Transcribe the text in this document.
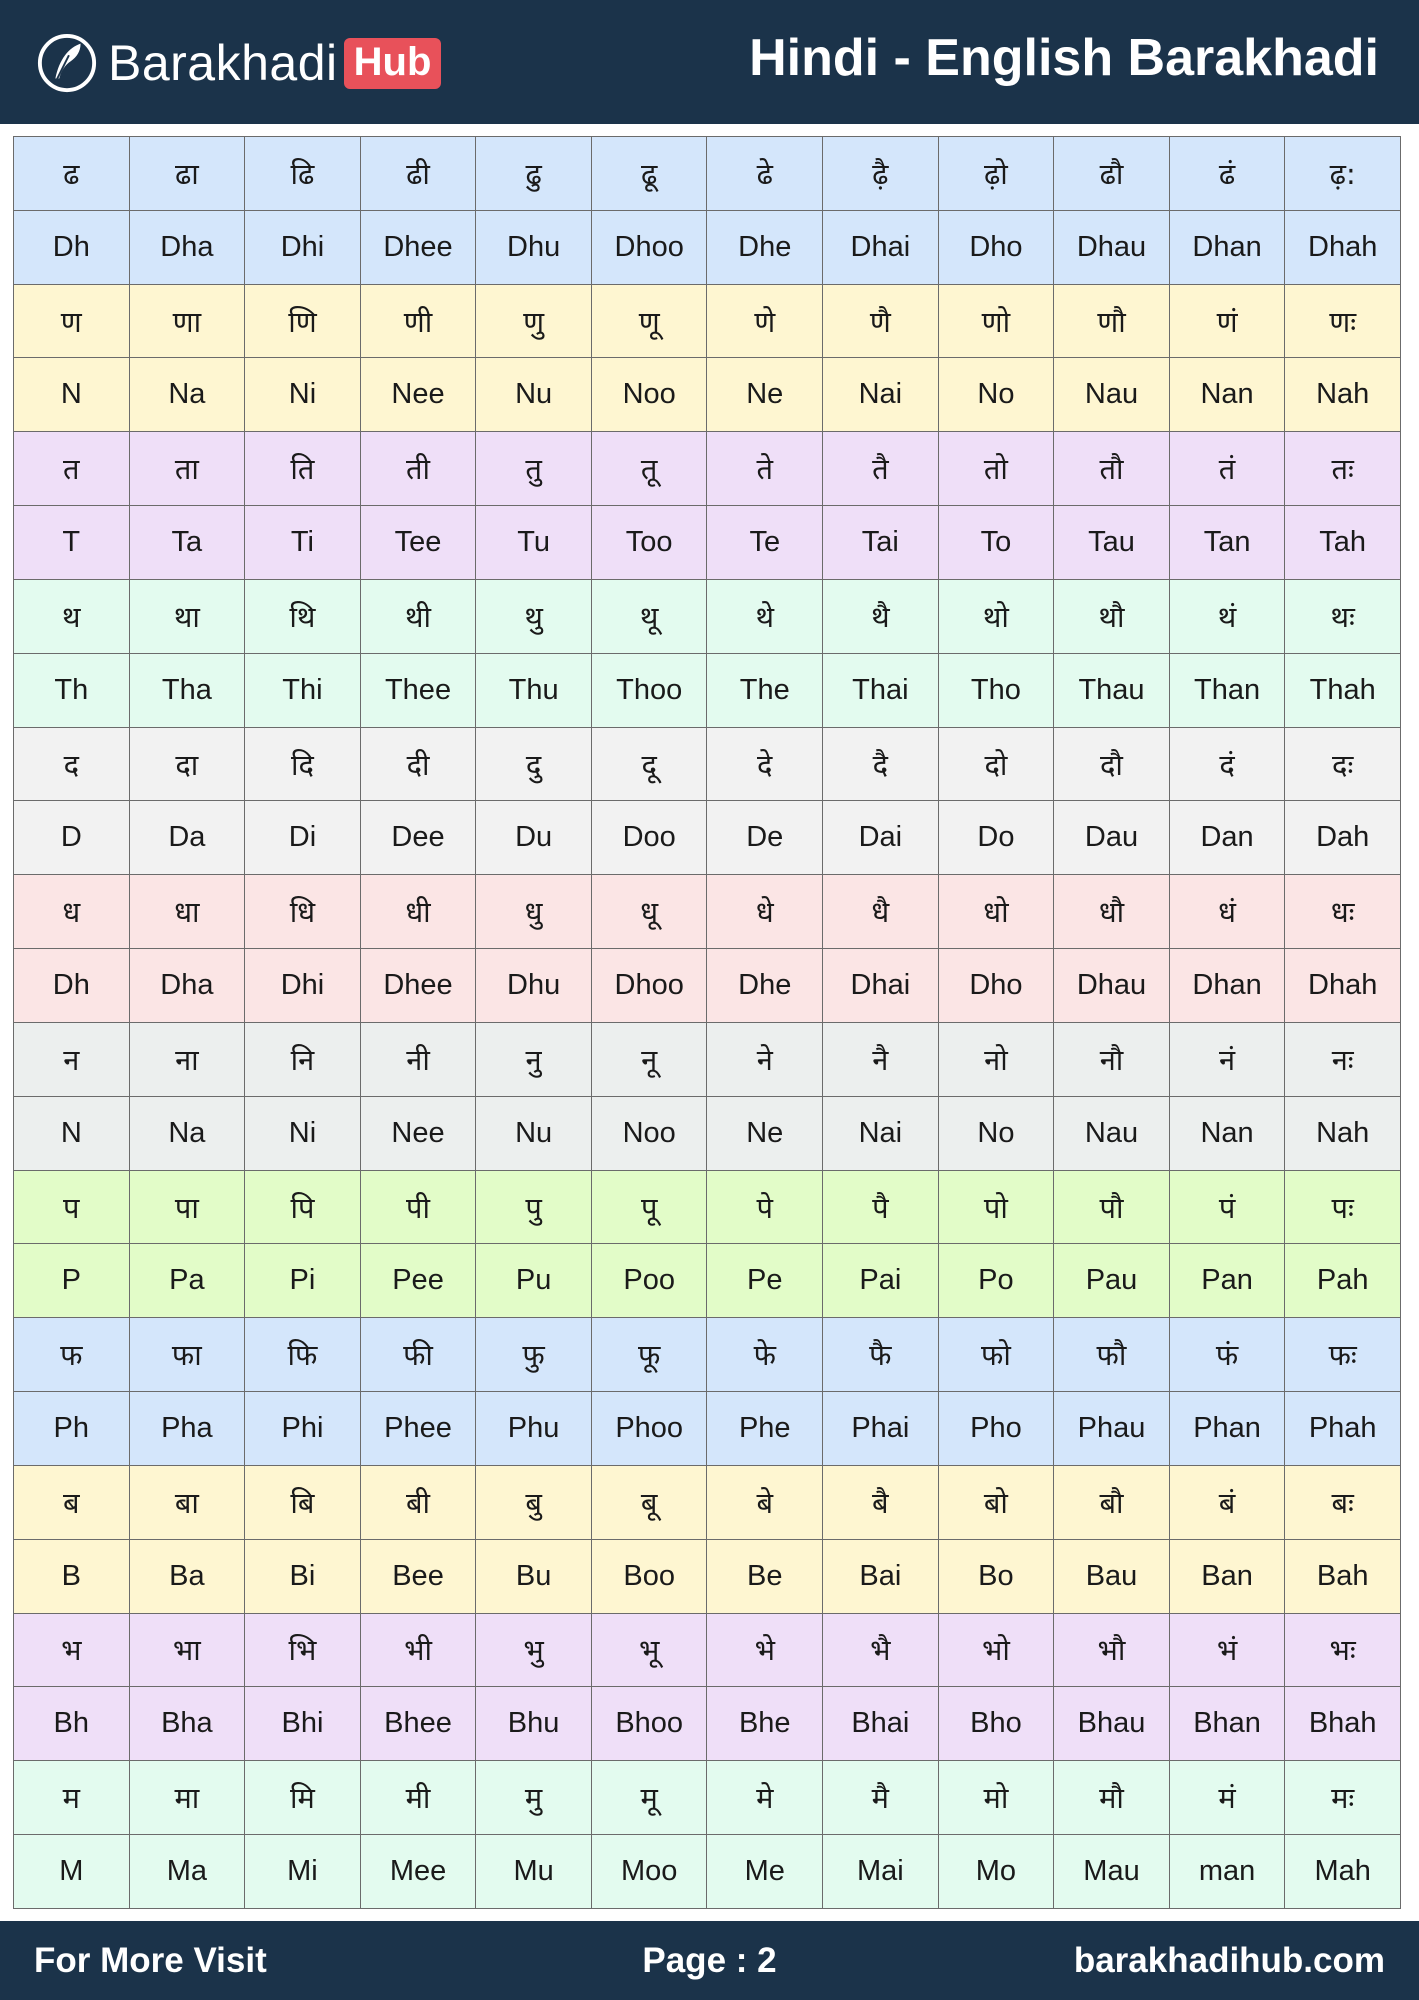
Barakhadi Hub	Hindi - English Barakhadi
ढ	ढा	ढि	ढी	ढु	ढू	ढे	ढ़ै	ढ़ो	ढौ	ढं	ढ़:
Dh	Dha	Dhi	Dhee	Dhu	Dhoo	Dhe	Dhai	Dho	Dhau	Dhan	Dhah
ण	णा	णि	णी	णु	णू	णे	णै	णो	णौ	णं	णः
N	Na	Ni	Nee	Nu	Noo	Ne	Nai	No	Nau	Nan	Nah
त	ता	ति	ती	तु	तू	ते	तै	तो	तौ	तं	तः
T	Ta	Ti	Tee	Tu	Too	Te	Tai	To	Tau	Tan	Tah
थ	था	थि	थी	थु	थू	थे	थै	थो	थौ	थं	थः
Th	Tha	Thi	Thee	Thu	Thoo	The	Thai	Tho	Thau	Than	Thah
द	दा	दि	दी	दु	दू	दे	दै	दो	दौ	दं	दः
D	Da	Di	Dee	Du	Doo	De	Dai	Do	Dau	Dan	Dah
ध	धा	धि	धी	धु	धू	धे	धै	धो	धौ	धं	धः
Dh	Dha	Dhi	Dhee	Dhu	Dhoo	Dhe	Dhai	Dho	Dhau	Dhan	Dhah
न	ना	नि	नी	नु	नू	ने	नै	नो	नौ	नं	नः
N	Na	Ni	Nee	Nu	Noo	Ne	Nai	No	Nau	Nan	Nah
प	पा	पि	पी	पु	पू	पे	पै	पो	पौ	पं	पः
P	Pa	Pi	Pee	Pu	Poo	Pe	Pai	Po	Pau	Pan	Pah
फ	फा	फि	फी	फु	फू	फे	फै	फो	फौ	फं	फः
Ph	Pha	Phi	Phee	Phu	Phoo	Phe	Phai	Pho	Phau	Phan	Phah
ब	बा	बि	बी	बु	बू	बे	बै	बो	बौ	बं	बः
B	Ba	Bi	Bee	Bu	Boo	Be	Bai	Bo	Bau	Ban	Bah
भ	भा	भि	भी	भु	भू	भे	भै	भो	भौ	भं	भः
Bh	Bha	Bhi	Bhee	Bhu	Bhoo	Bhe	Bhai	Bho	Bhau	Bhan	Bhah
म	मा	मि	मी	मु	मू	मे	मै	मो	मौ	मं	मः
M	Ma	Mi	Mee	Mu	Moo	Me	Mai	Mo	Mau	man	Mah
For More Visit	Page : 2	barakhadihub.com
